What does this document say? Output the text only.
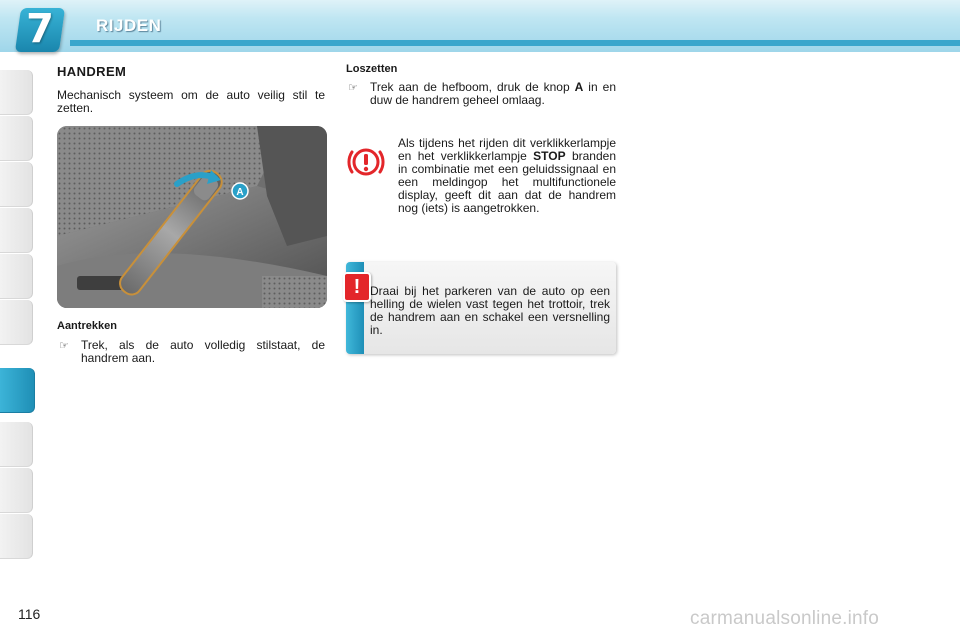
7	RIJDEN
HANDREM
Mechanisch systeem om de auto veilig stil te zetten.
A
Aantrekken
☞ Trek, als de auto volledig stilstaat, de handrem aan.
Loszetten
☞ Trek aan de hefboom, druk de knop A in en duw de handrem geheel omlaag.
Als tijdens het rijden dit verklikkerlampje en het verklikkerlampje STOP branden in combinatie met een geluidssignaal en een meldingop het multifunctionele display, geeft dit aan dat de handrem nog (iets) is aangetrokken.
! Draai bij het parkeren van de auto op een helling de wielen vast tegen het trottoir, trek de handrem aan en schakel een versnelling in.
116	carmanualsonline.info
